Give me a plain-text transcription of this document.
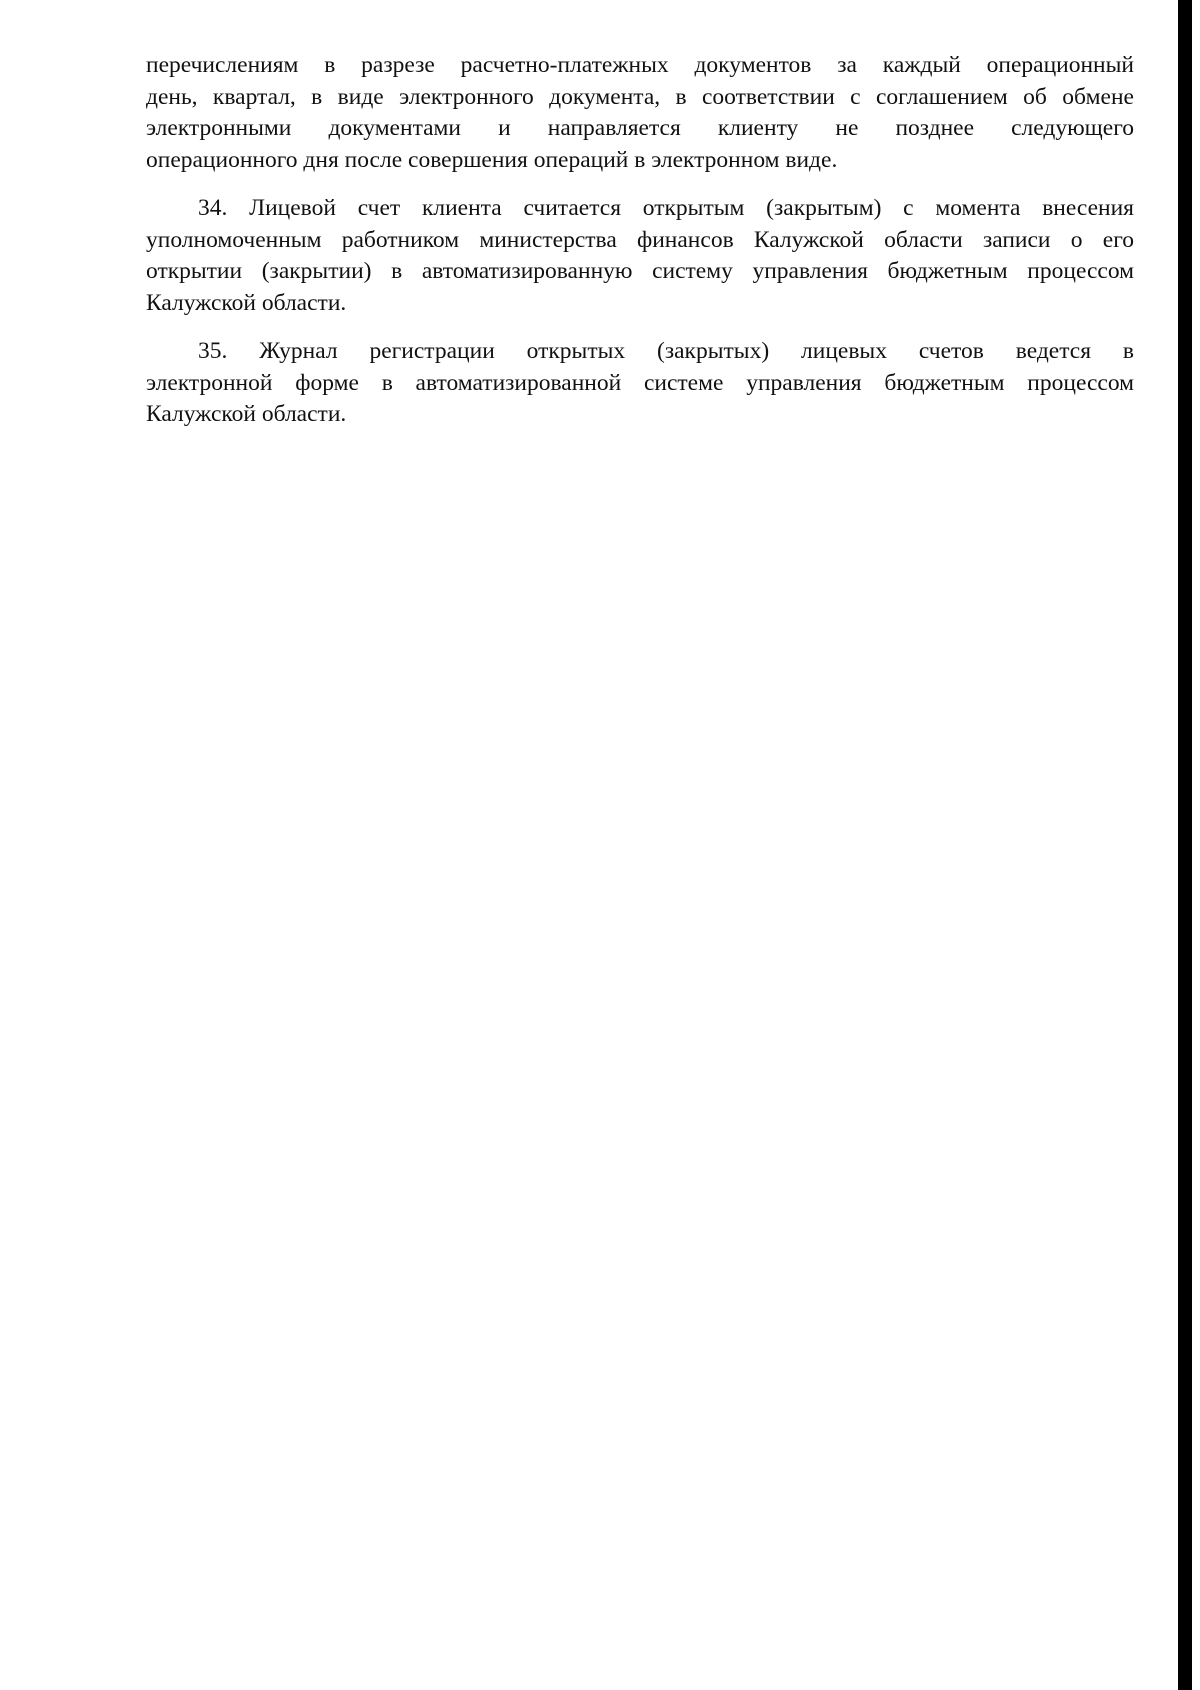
перечислениям в разрезе расчетно-платежных документов за каждый операционный
день, квартал, в виде электронного документа, в соответствии с соглашением об обмене
электронными документами и направляется клиенту не позднее следующего
операционного дня после совершения операций в электронном виде.
34. Лицевой счет клиента считается открытым (закрытым) с момента внесения
уполномоченным работником министерства финансов Калужской области записи о его
открытии (закрытии) в автоматизированную систему управления бюджетным процессом
Калужской области.
35. Журнал регистрации открытых (закрытых) лицевых счетов ведется в
электронной форме в автоматизированной системе управления бюджетным процессом
Калужской области.
